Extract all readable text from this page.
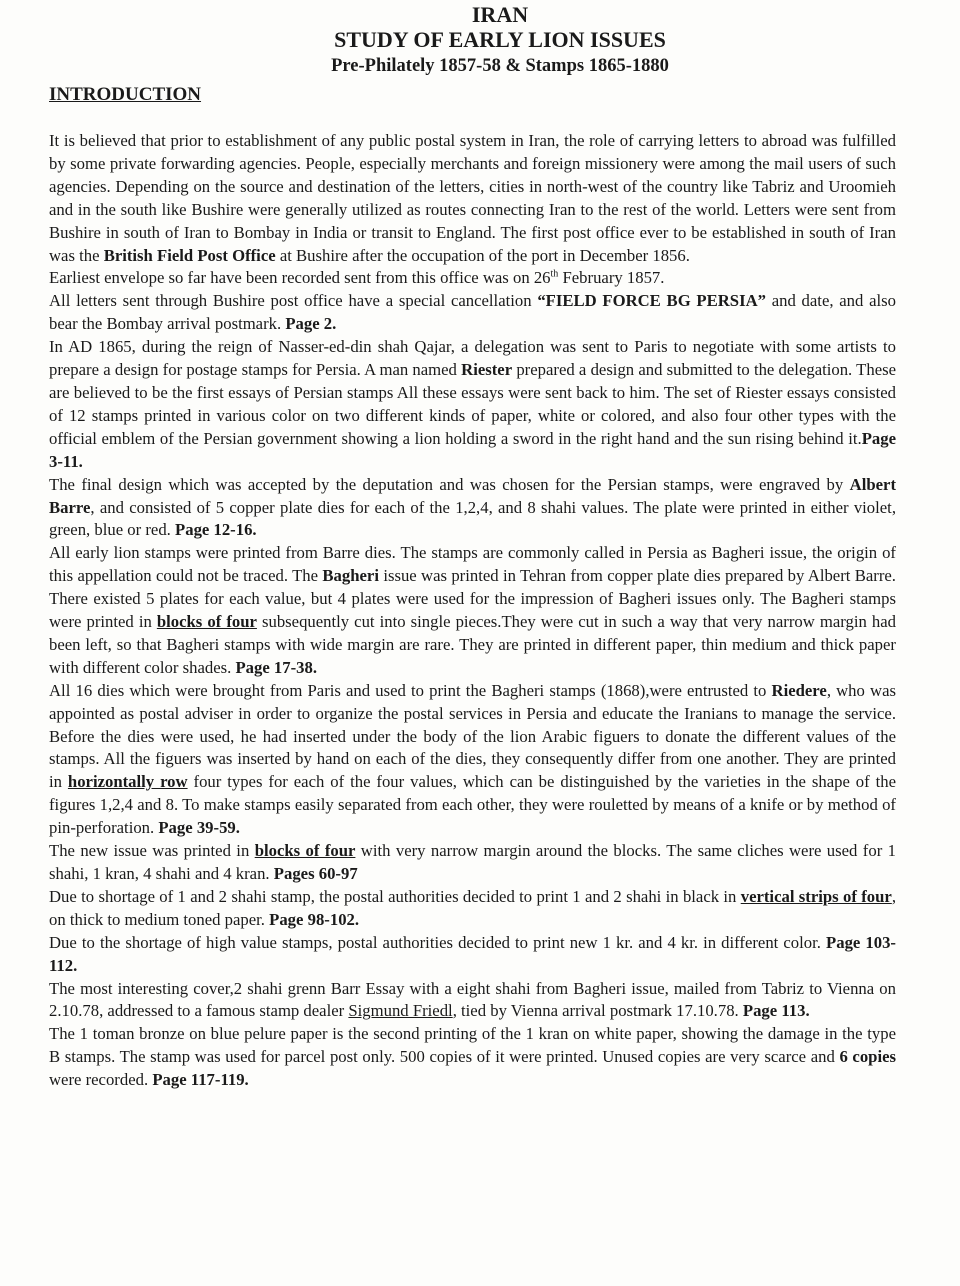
IRAN
STUDY OF EARLY LION ISSUES
Pre-Philately 1857-58 & Stamps 1865-1880
INTRODUCTION

It is believed that prior to establishment of any public postal system in Iran, the role of carrying letters to abroad was fulfilled by some private forwarding agencies. People, especially merchants and foreign missionery were among the mail users of such agencies. Depending on the source and destination of the letters, cities in north-west of the country like Tabriz and Uroomieh and in the south like Bushire were generally utilized as routes connecting Iran to the rest of the world. Letters were sent from Bushire in south of Iran to Bombay in India or transit to England. The first post office ever to be established in south of Iran was the British Field Post Office at Bushire after the occupation of the port in December 1856.

Earliest envelope so far have been recorded sent from this office was on 26th February 1857.

All letters sent through Bushire post office have a special cancellation “FIELD FORCE BG PERSIA” and date, and also bear the Bombay arrival postmark. Page 2.

In AD 1865, during the reign of Nasser-ed-din shah Qajar, a delegation was sent to Paris to negotiate with some artists to prepare a design for postage stamps for Persia. A man named Riester prepared a design and submitted to the delegation. These are believed to be the first essays of Persian stamps All these essays were sent back to him. The set of Riester essays consisted of 12 stamps printed in various color on two different kinds of paper, white or colored, and also four other types with the official emblem of the Persian government showing a lion holding a sword in the right hand and the sun rising behind it.Page 3-11.

The final design which was accepted by the deputation and was chosen for the Persian stamps, were engraved by Albert Barre, and consisted of 5 copper plate dies for each of the 1,2,4, and 8 shahi values. The plate were printed in either violet, green, blue or red. Page 12-16.

All early lion stamps were printed from Barre dies. The stamps are commonly called in Persia as Bagheri issue, the origin of this appellation could not be traced. The Bagheri issue was printed in Tehran from copper plate dies prepared by Albert Barre. There existed 5 plates for each value, but 4 plates were used for the impression of Bagheri issues only. The Bagheri stamps were printed in blocks of four subsequently cut into single pieces.They were cut in such a way that very narrow margin had been left, so that Bagheri stamps with wide margin are rare. They are printed in different paper, thin medium and thick paper with different color shades. Page 17-38.

All 16 dies which were brought from Paris and used to print the Bagheri stamps (1868),were entrusted to Riedere, who was appointed as postal adviser in order to organize the postal services in Persia and educate the Iranians to manage the service. Before the dies were used, he had inserted under the body of the lion Arabic figuers to donate the different values of the stamps. All the figuers was inserted by hand on each of the dies, they consequently differ from one another. They are printed in horizontally row four types for each of the four values, which can be distinguished by the varieties in the shape of the figures 1,2,4 and 8. To make stamps easily separated from each other, they were rouletted by means of a knife or by method of pin-perforation. Page 39-59.

The new issue was printed in blocks of four with very narrow margin around the blocks. The same cliches were used for 1 shahi, 1 kran, 4 shahi and 4 kran. Pages 60-97

Due to shortage of 1 and 2 shahi stamp, the postal authorities decided to print 1 and 2 shahi in black in vertical strips of four, on thick to medium toned paper. Page 98-102.

Due to the shortage of high value stamps, postal authorities decided to print new 1 kr. and 4 kr. in different color. Page 103-112.

The most interesting cover,2 shahi grenn Barr Essay with a eight shahi from Bagheri issue, mailed from Tabriz to Vienna on 2.10.78, addressed to a famous stamp dealer Sigmund Friedl, tied by Vienna arrival postmark 17.10.78. Page 113.

The 1 toman bronze on blue pelure paper is the second printing of the 1 kran on white paper, showing the damage in the type B stamps. The stamp was used for parcel post only. 500 copies of it were printed. Unused copies are very scarce and 6 copies were recorded. Page 117-119.
